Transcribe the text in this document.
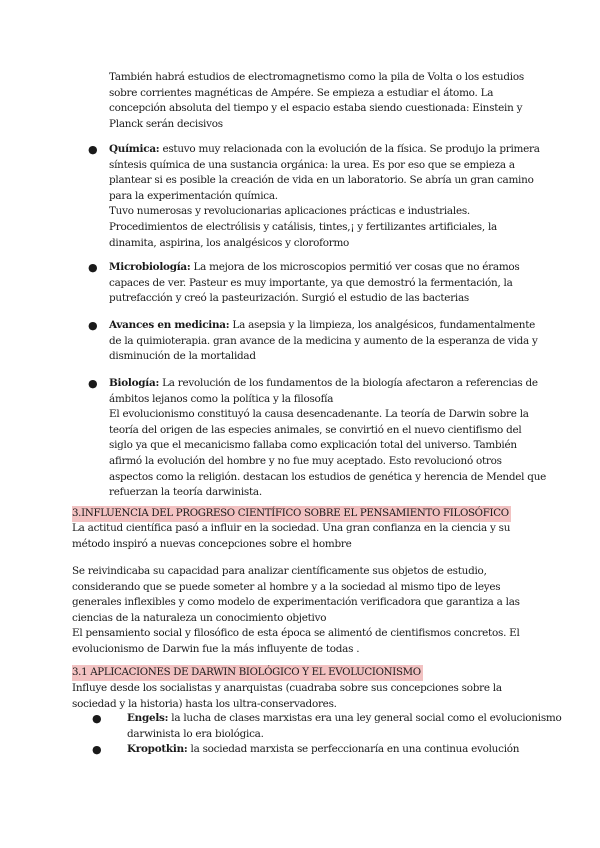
También habrá estudios de electromagnetismo como la pila de Volta o los estudios
sobre corrientes magnéticas de Ampére. Se empieza a estudiar el átomo. La
concepción absoluta del tiempo y el espacio estaba siendo cuestionada: Einstein y
Planck serán decisivos
● Química: estuvo muy relacionada con la evolución de la física. Se produjo la primera
síntesis química de una sustancia orgánica: la urea. Es por eso que se empieza a
plantear si es posible la creación de vida en un laboratorio. Se abría un gran camino
para la experimentación química.
Tuvo numerosas y revolucionarias aplicaciones prácticas e industriales.
Procedimientos de electrólisis y catálisis, tintes,¡ y fertilizantes artificiales, la
dinamita, aspirina, los analgésicos y cloroformo
● Microbiología: La mejora de los microscopios permitió ver cosas que no éramos
capaces de ver. Pasteur es muy importante, ya que demostró la fermentación, la
putrefacción y creó la pasteurización. Surgió el estudio de las bacterias
● Avances en medicina: La asepsia y la limpieza, los analgésicos, fundamentalmente
de la quimioterapia. gran avance de la medicina y aumento de la esperanza de vida y
disminución de la mortalidad
● Biología: La revolución de los fundamentos de la biología afectaron a referencias de
ámbitos lejanos como la política y la filosofía
El evolucionismo constituyó la causa desencadenante. La teoría de Darwin sobre la
teoría del origen de las especies animales, se convirtió en el nuevo cientifismo del
siglo ya que el mecanicismo fallaba como explicación total del universo. También
afirmó la evolución del hombre y no fue muy aceptado. Esto revolucionó otros
aspectos como la religión. destacan los estudios de genética y herencia de Mendel que
refuerzan la teoría darwinista.
3.INFLUENCIA DEL PROGRESO CIENTÍFICO SOBRE EL PENSAMIENTO FILOSÓFICO
La actitud científica pasó a influir en la sociedad. Una gran confianza en la ciencia y su
método inspiró a nuevas concepciones sobre el hombre
Se reivindicaba su capacidad para analizar científicamente sus objetos de estudio,
considerando que se puede someter al hombre y a la sociedad al mismo tipo de leyes
generales inflexibles y como modelo de experimentación verificadora que garantiza a las
ciencias de la naturaleza un conocimiento objetivo
El pensamiento social y filosófico de esta época se alimentó de cientifismos concretos. El
evolucionismo de Darwin fue la más influyente de todas .
3.1 APLICACIONES DE DARWIN BIOLÓGICO Y EL EVOLUCIONISMO
Influye desde los socialistas y anarquistas (cuadraba sobre sus concepciones sobre la
sociedad y la historia) hasta los ultra-conservadores.
● Engels: la lucha de clases marxistas era una ley general social como el evolucionismo
darwinista lo era biológica.
● Kropotkin: la sociedad marxista se perfeccionaría en una continua evolución
